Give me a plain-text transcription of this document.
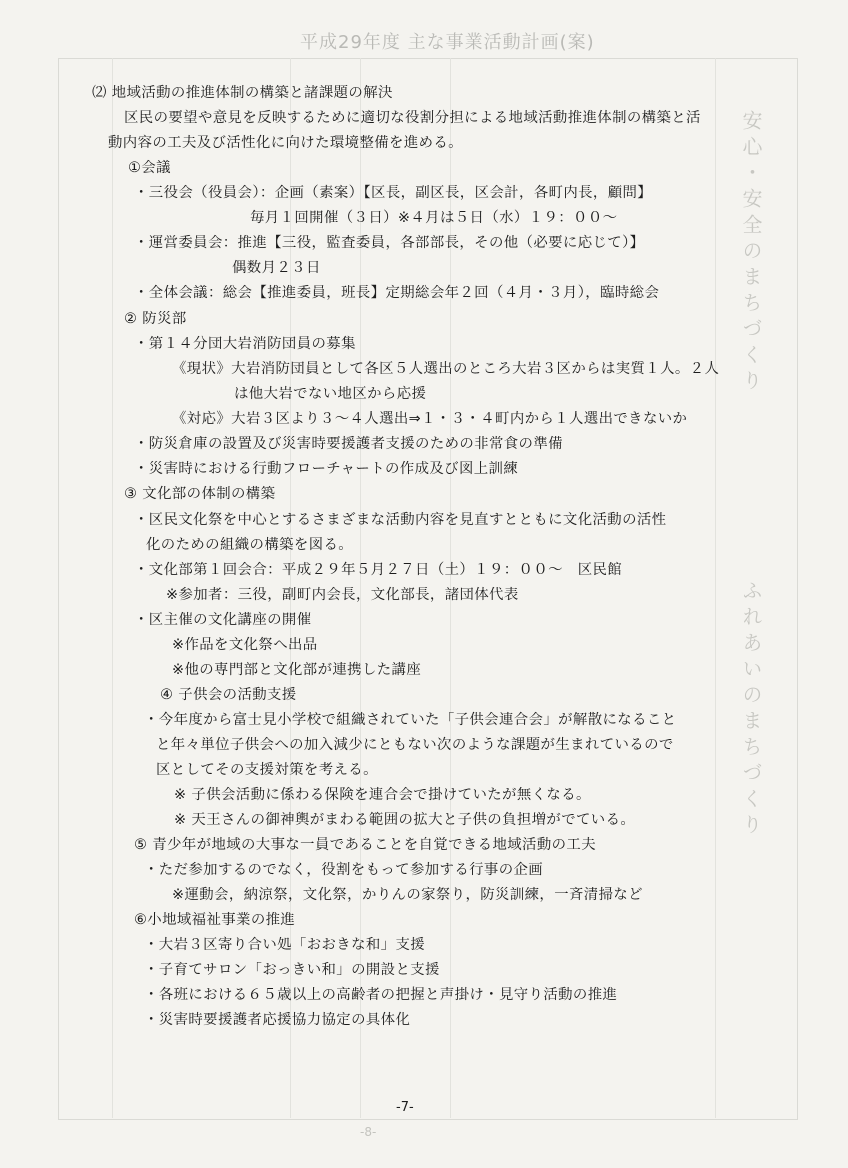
平成29年度 主な事業活動計画(案)
安心・安全のまちづくり
ふれあいのまちづくり
⑵ 地域活動の推進体制の構築と諸課題の解決
区民の要望や意見を反映するために適切な役割分担による地域活動推進体制の構築と活
動内容の工夫及び活性化に向けた環境整備を進める。
①会議
・三役会（役員会）：企画（素案）【区長，副区長，区会計，各町内長，顧問】
毎月１回開催（３日）※４月は５日（水）１９：００～
・運営委員会：推進【三役，監査委員，各部部長，その他（必要に応じて）】
偶数月２３日
・全体会議：総会【推進委員，班長】定期総会年２回（４月・３月），臨時総会
② 防災部
・第１４分団大岩消防団員の募集
《現状》大岩消防団員として各区５人選出のところ大岩３区からは実質１人。２人
は他大岩でない地区から応援
《対応》大岩３区より３～４人選出⇒１・３・４町内から１人選出できないか
・防災倉庫の設置及び災害時要援護者支援のための非常食の準備
・災害時における行動フローチャートの作成及び図上訓練
③ 文化部の体制の構築
・区民文化祭を中心とするさまざまな活動内容を見直すとともに文化活動の活性
化のための組織の構築を図る。
・文化部第１回会合：平成２９年５月２７日（土）１９：００～　区民館
※参加者：三役，副町内会長，文化部長，諸団体代表
・区主催の文化講座の開催
※作品を文化祭へ出品
※他の専門部と文化部が連携した講座
④ 子供会の活動支援
・今年度から富士見小学校で組織されていた「子供会連合会」が解散になること
と年々単位子供会への加入減少にともない次のような課題が生まれているので
区としてその支援対策を考える。
※ 子供会活動に係わる保険を連合会で掛けていたが無くなる。
※ 天王さんの御神輿がまわる範囲の拡大と子供の負担増がでている。
⑤ 青少年が地域の大事な一員であることを自覚できる地域活動の工夫
・ただ参加するのでなく，役割をもって参加する行事の企画
※運動会，納涼祭，文化祭，かりんの家祭り，防災訓練，一斉清掃など
⑥小地域福祉事業の推進
・大岩３区寄り合い処「おおきな和」支援
・子育てサロン「おっきい和」の開設と支援
・各班における６５歳以上の高齢者の把握と声掛け・見守り活動の推進
・災害時要援護者応援協力協定の具体化
-7-
-8-
